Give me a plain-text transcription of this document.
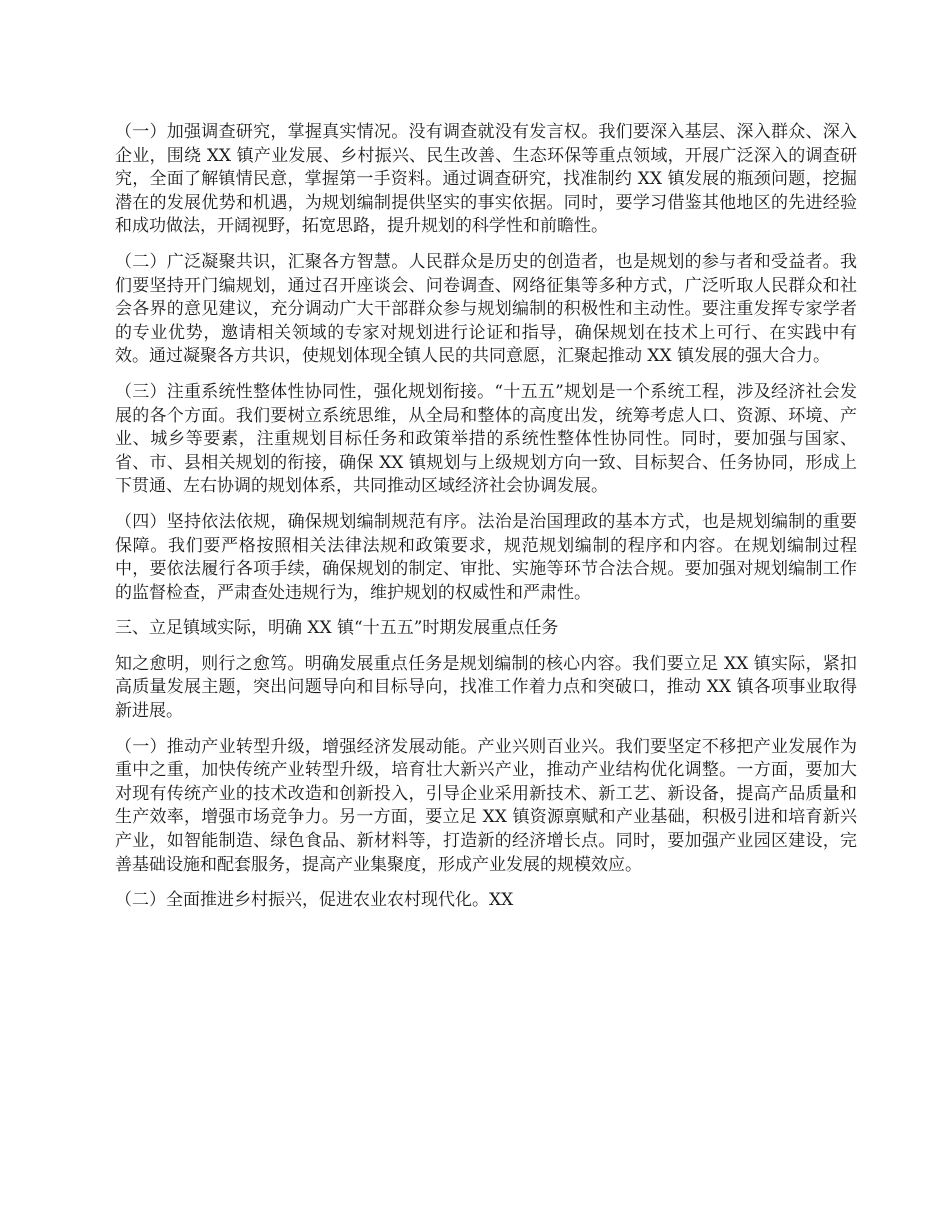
（一）加强调查研究，掌握真实情况。没有调查就没有发言权。我们要深入基层、深入群众、深入企业，围绕 XX 镇产业发展、乡村振兴、民生改善、生态环保等重点领域，开展广泛深入的调查研究，全面了解镇情民意，掌握第一手资料。通过调查研究，找准制约 XX 镇发展的瓶颈问题，挖掘潜在的发展优势和机遇，为规划编制提供坚实的事实依据。同时，要学习借鉴其他地区的先进经验和成功做法，开阔视野，拓宽思路，提升规划的科学性和前瞻性。

（二）广泛凝聚共识，汇聚各方智慧。人民群众是历史的创造者，也是规划的参与者和受益者。我们要坚持开门编规划，通过召开座谈会、问卷调查、网络征集等多种方式，广泛听取人民群众和社会各界的意见建议，充分调动广大干部群众参与规划编制的积极性和主动性。要注重发挥专家学者的专业优势，邀请相关领域的专家对规划进行论证和指导，确保规划在技术上可行、在实践中有效。通过凝聚各方共识，使规划体现全镇人民的共同意愿，汇聚起推动 XX 镇发展的强大合力。

（三）注重系统性整体性协同性，强化规划衔接。“十五五”规划是一个系统工程，涉及经济社会发展的各个方面。我们要树立系统思维，从全局和整体的高度出发，统筹考虑人口、资源、环境、产业、城乡等要素，注重规划目标任务和政策举措的系统性整体性协同性。同时，要加强与国家、省、市、县相关规划的衔接，确保 XX 镇规划与上级规划方向一致、目标契合、任务协同，形成上下贯通、左右协调的规划体系，共同推动区域经济社会协调发展。

（四）坚持依法依规，确保规划编制规范有序。法治是治国理政的基本方式，也是规划编制的重要保障。我们要严格按照相关法律法规和政策要求，规范规划编制的程序和内容。在规划编制过程中，要依法履行各项手续，确保规划的制定、审批、实施等环节合法合规。要加强对规划编制工作的监督检查，严肃查处违规行为，维护规划的权威性和严肃性。

三、立足镇域实际，明确 XX 镇“十五五”时期发展重点任务

知之愈明，则行之愈笃。明确发展重点任务是规划编制的核心内容。我们要立足 XX 镇实际，紧扣高质量发展主题，突出问题导向和目标导向，找准工作着力点和突破口，推动 XX 镇各项事业取得新进展。

（一）推动产业转型升级，增强经济发展动能。产业兴则百业兴。我们要坚定不移把产业发展作为重中之重，加快传统产业转型升级，培育壮大新兴产业，推动产业结构优化调整。一方面，要加大对现有传统产业的技术改造和创新投入，引导企业采用新技术、新工艺、新设备，提高产品质量和生产效率，增强市场竞争力。另一方面，要立足 XX 镇资源禀赋和产业基础，积极引进和培育新兴产业，如智能制造、绿色食品、新材料等，打造新的经济增长点。同时，要加强产业园区建设，完善基础设施和配套服务，提高产业集聚度，形成产业发展的规模效应。

（二）全面推进乡村振兴，促进农业农村现代化。XX
